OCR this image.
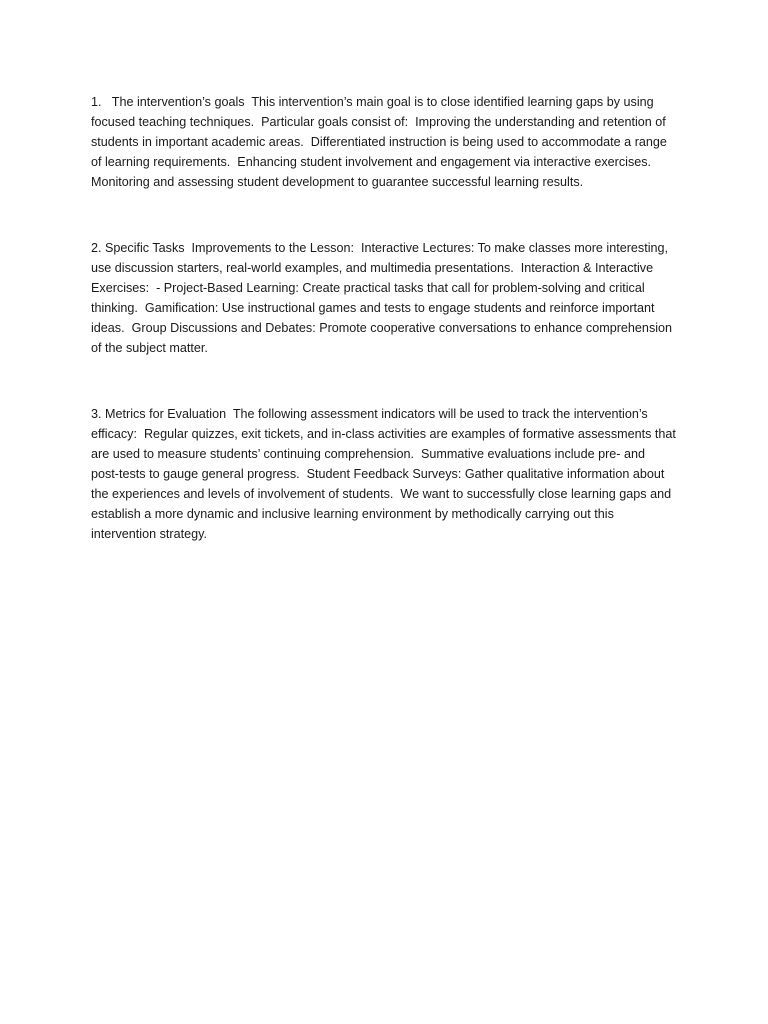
1.   The intervention’s goals  This intervention’s main goal is to close identified learning gaps by using
focused teaching techniques.  Particular goals consist of:  Improving the understanding and retention of
students in important academic areas.  Differentiated instruction is being used to accommodate a range
of learning requirements.  Enhancing student involvement and engagement via interactive exercises.
Monitoring and assessing student development to guarantee successful learning results.

2. Specific Tasks  Improvements to the Lesson:  Interactive Lectures: To make classes more interesting,
use discussion starters, real-world examples, and multimedia presentations.  Interaction & Interactive
Exercises:  - Project-Based Learning: Create practical tasks that call for problem-solving and critical
thinking.  Gamification: Use instructional games and tests to engage students and reinforce important
ideas.  Group Discussions and Debates: Promote cooperative conversations to enhance comprehension
of the subject matter.

3. Metrics for Evaluation  The following assessment indicators will be used to track the intervention’s
efficacy:  Regular quizzes, exit tickets, and in-class activities are examples of formative assessments that
are used to measure students’ continuing comprehension.  Summative evaluations include pre- and
post-tests to gauge general progress.  Student Feedback Surveys: Gather qualitative information about
the experiences and levels of involvement of students.  We want to successfully close learning gaps and
establish a more dynamic and inclusive learning environment by methodically carrying out this
intervention strategy.
